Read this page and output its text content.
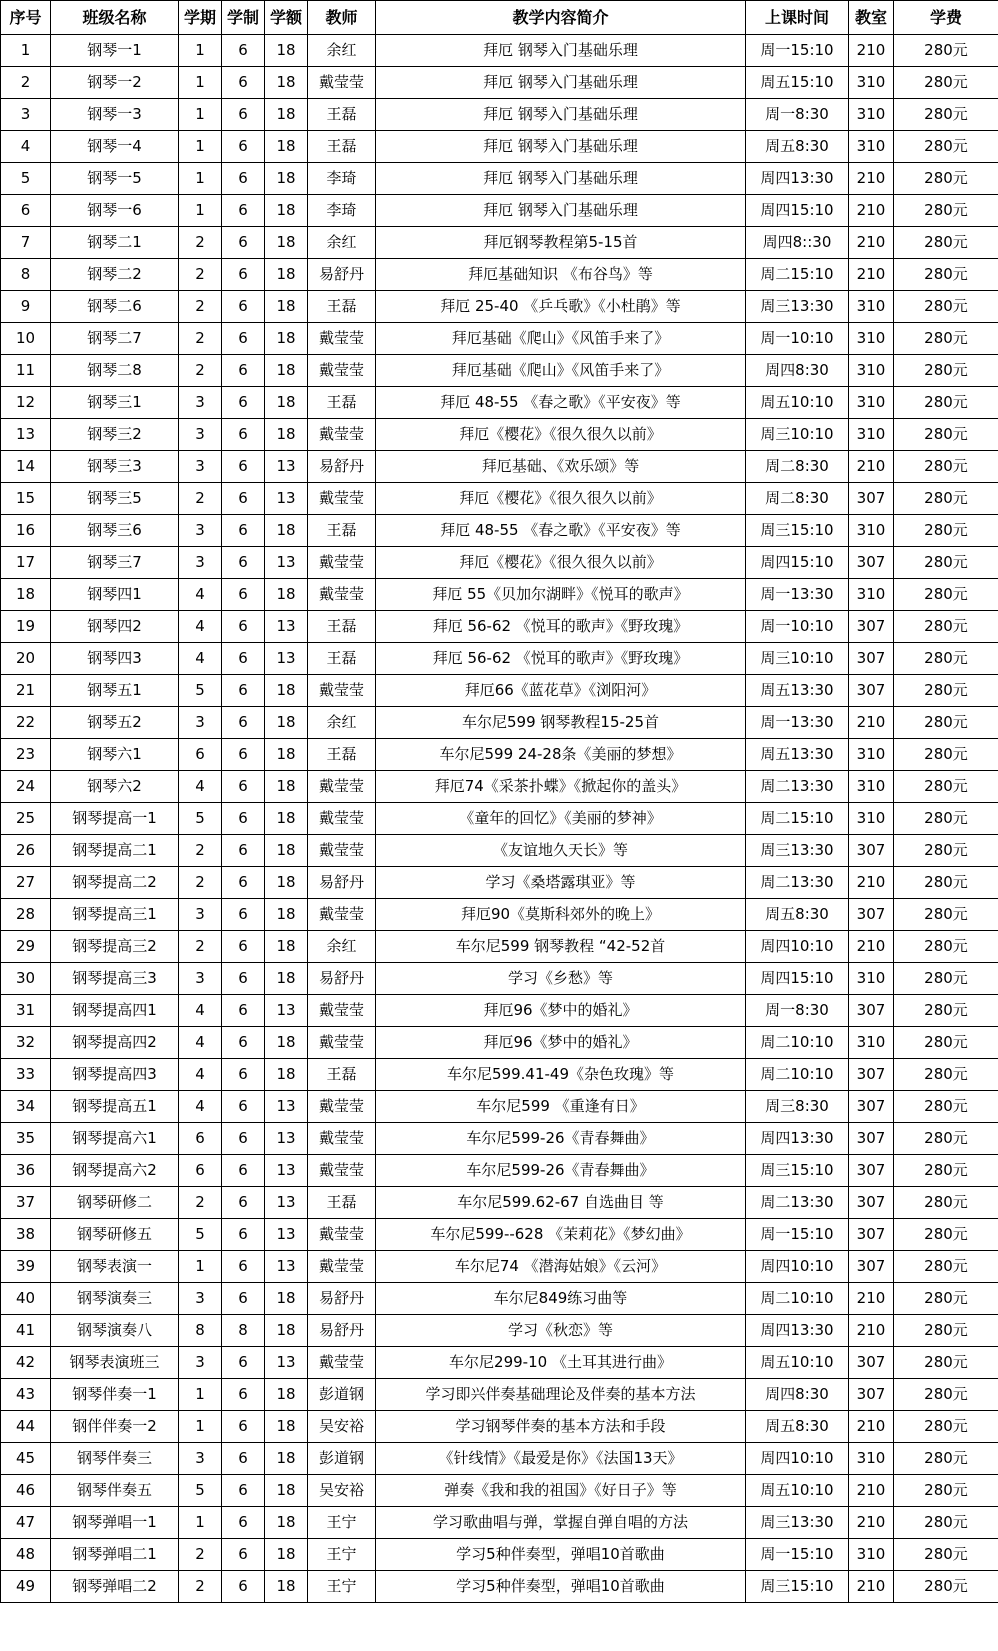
序号	班级名称	学期	学制	学额	教师	教学内容简介	上课时间	教室	学费
1	钢琴一1	1	6	18	余红	拜厄 钢琴入门基础乐理	周一15:10	210	280元
2	钢琴一2	1	6	18	戴莹莹	拜厄 钢琴入门基础乐理	周五15:10	310	280元
3	钢琴一3	1	6	18	王磊	拜厄 钢琴入门基础乐理	周一8:30	310	280元
4	钢琴一4	1	6	18	王磊	拜厄 钢琴入门基础乐理	周五8:30	310	280元
5	钢琴一5	1	6	18	李琦	拜厄 钢琴入门基础乐理	周四13:30	210	280元
6	钢琴一6	1	6	18	李琦	拜厄 钢琴入门基础乐理	周四15:10	210	280元
7	钢琴二1	2	6	18	余红	拜厄钢琴教程第5-15首	周四8::30	210	280元
8	钢琴二2	2	6	18	易舒丹	拜厄基础知识 《布谷鸟》等	周二15:10	210	280元
9	钢琴二6	2	6	18	王磊	拜厄 25-40 《乒乓歌》《小杜鹃》等	周三13:30	310	280元
10	钢琴二7	2	6	18	戴莹莹	拜厄基础《爬山》《风笛手来了》	周一10:10	310	280元
11	钢琴二8	2	6	18	戴莹莹	拜厄基础《爬山》《风笛手来了》	周四8:30	310	280元
12	钢琴三1	3	6	18	王磊	拜厄 48-55 《春之歌》《平安夜》等	周五10:10	310	280元
13	钢琴三2	3	6	18	戴莹莹	拜厄《樱花》《很久很久以前》	周三10:10	310	280元
14	钢琴三3	3	6	13	易舒丹	拜厄基础、《欢乐颂》等	周二8:30	210	280元
15	钢琴三5	2	6	13	戴莹莹	拜厄《樱花》《很久很久以前》	周二8:30	307	280元
16	钢琴三6	3	6	18	王磊	拜厄 48-55 《春之歌》《平安夜》等	周三15:10	310	280元
17	钢琴三7	3	6	13	戴莹莹	拜厄《樱花》《很久很久以前》	周四15:10	307	280元
18	钢琴四1	4	6	18	戴莹莹	拜厄 55《贝加尔湖畔》《悦耳的歌声》	周一13:30	310	280元
19	钢琴四2	4	6	13	王磊	拜厄 56-62 《悦耳的歌声》《野玫瑰》	周一10:10	307	280元
20	钢琴四3	4	6	13	王磊	拜厄 56-62 《悦耳的歌声》《野玫瑰》	周三10:10	307	280元
21	钢琴五1	5	6	18	戴莹莹	拜厄66《蓝花草》《浏阳河》	周五13:30	307	280元
22	钢琴五2	3	6	18	余红	车尔尼599 钢琴教程15-25首	周一13:30	210	280元
23	钢琴六1	6	6	18	王磊	车尔尼599 24-28条《美丽的梦想》	周五13:30	310	280元
24	钢琴六2	4	6	18	戴莹莹	拜厄74《采茶扑蝶》《掀起你的盖头》	周二13:30	310	280元
25	钢琴提高一1	5	6	18	戴莹莹	《童年的回忆》《美丽的梦神》	周二15:10	310	280元
26	钢琴提高二1	2	6	18	戴莹莹	《友谊地久天长》等	周三13:30	307	280元
27	钢琴提高二2	2	6	18	易舒丹	学习《桑塔露琪亚》等	周二13:30	210	280元
28	钢琴提高三1	3	6	18	戴莹莹	拜厄90《莫斯科郊外的晚上》	周五8:30	307	280元
29	钢琴提高三2	2	6	18	余红	车尔尼599 钢琴教程 “42-52首	周四10:10	210	280元
30	钢琴提高三3	3	6	18	易舒丹	学习《乡愁》等	周四15:10	310	280元
31	钢琴提高四1	4	6	13	戴莹莹	拜厄96《梦中的婚礼》	周一8:30	307	280元
32	钢琴提高四2	4	6	18	戴莹莹	拜厄96《梦中的婚礼》	周二10:10	310	280元
33	钢琴提高四3	4	6	18	王磊	车尔尼599.41-49《杂色玫瑰》等	周二10:10	307	280元
34	钢琴提高五1	4	6	13	戴莹莹	车尔尼599 《重逢有日》	周三8:30	307	280元
35	钢琴提高六1	6	6	13	戴莹莹	车尔尼599-26《青春舞曲》	周四13:30	307	280元
36	钢琴提高六2	6	6	13	戴莹莹	车尔尼599-26《青春舞曲》	周三15:10	307	280元
37	钢琴研修二	2	6	13	王磊	车尔尼599.62-67 自选曲目 等	周二13:30	307	280元
38	钢琴研修五	5	6	13	戴莹莹	车尔尼599--628 《茉莉花》《梦幻曲》	周一15:10	307	280元
39	钢琴表演一	1	6	13	戴莹莹	车尔尼74 《潜海姑娘》《云河》	周四10:10	307	280元
40	钢琴演奏三	3	6	18	易舒丹	车尔尼849练习曲等	周二10:10	210	280元
41	钢琴演奏八	8	8	18	易舒丹	学习《秋恋》等	周四13:30	210	280元
42	钢琴表演班三	3	6	13	戴莹莹	车尔尼299-10 《土耳其进行曲》	周五10:10	307	280元
43	钢琴伴奏一1	1	6	18	彭道钢	学习即兴伴奏基础理论及伴奏的基本方法	周四8:30	307	280元
44	钢伴伴奏一2	1	6	18	吴安裕	学习钢琴伴奏的基本方法和手段	周五8:30	210	280元
45	钢琴伴奏三	3	6	18	彭道钢	《针线情》《最爱是你》《法国13天》	周四10:10	310	280元
46	钢琴伴奏五	5	6	18	吴安裕	弹奏《我和我的祖国》《好日子》等	周五10:10	210	280元
47	钢琴弹唱一1	1	6	18	王宁	学习歌曲唱与弹，掌握自弹自唱的方法	周三13:30	210	280元
48	钢琴弹唱二1	2	6	18	王宁	学习5种伴奏型，弹唱10首歌曲	周一15:10	310	280元
49	钢琴弹唱二2	2	6	18	王宁	学习5种伴奏型，弹唱10首歌曲	周三15:10	210	280元
